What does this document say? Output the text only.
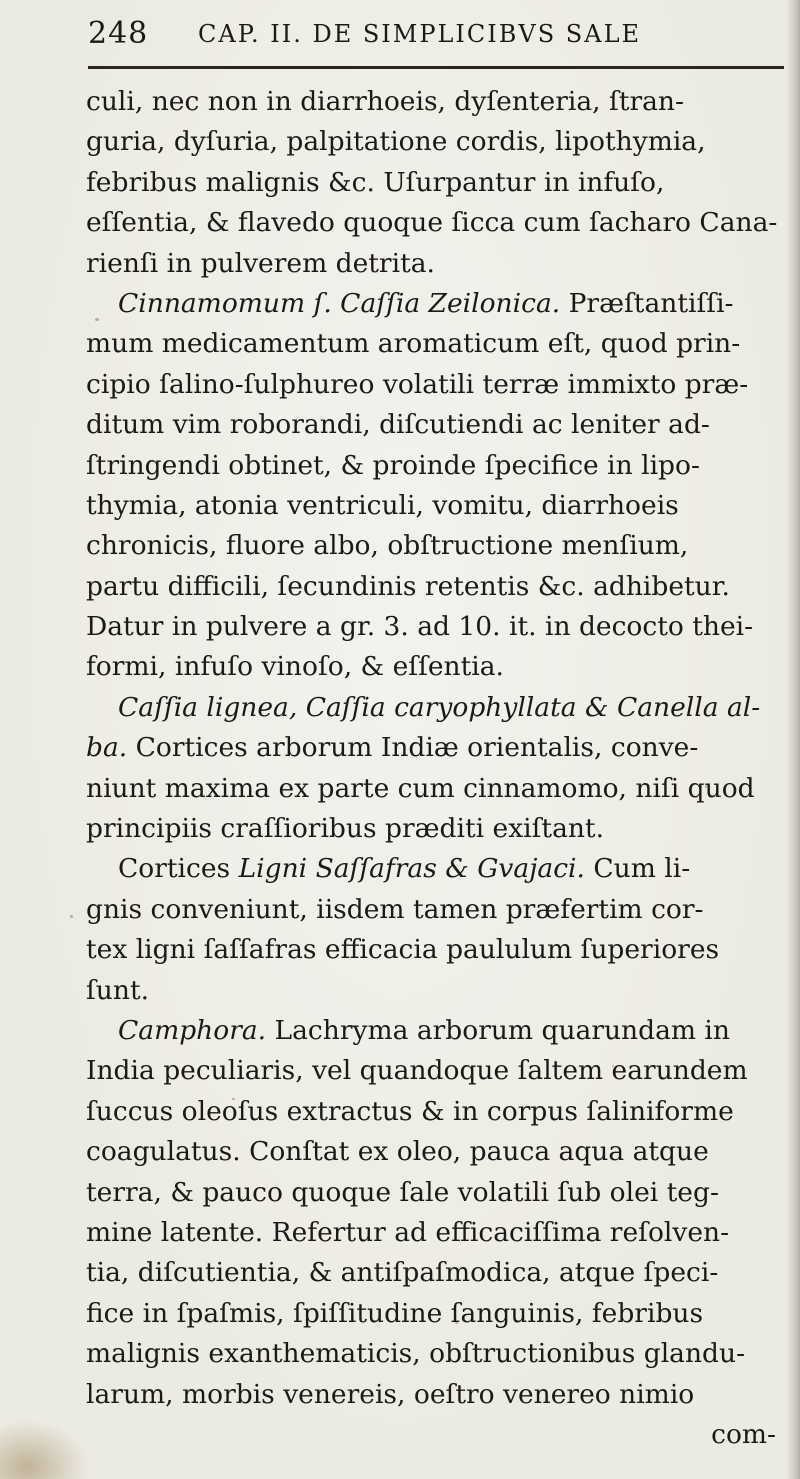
248 CAP. II. DE SIMPLICIBVS SALE
culi, nec non in diarrhoeis, dyſenteria, ſtran-
guria, dyſuria, palpitatione cordis, lipothymia,
febribus malignis &c. Uſurpantur in infuſo,
eſſentia, & flavedo quoque ſicca cum ſacharo Cana-
rienſi in pulverem detrita.
Cinnamomum ſ. Caſſia Zeilonica. Præſtantiſſi-
mum medicamentum aromaticum eſt, quod prin-
cipio ſalino-ſulphureo volatili terræ immixto præ-
ditum vim roborandi, diſcutiendi ac leniter ad-
ſtringendi obtinet, & proinde ſpecifice in lipo-
thymia, atonia ventriculi, vomitu, diarrhoeis
chronicis, fluore albo, obſtructione menſium,
partu difficili, ſecundinis retentis &c. adhibetur.
Datur in pulvere a gr. 3. ad 10. it. in decocto thei-
formi, infuſo vinoſo, & eſſentia.
Caſſia lignea, Caſſia caryophyllata & Canella al-
ba. Cortices arborum Indiæ orientalis, conve-
niunt maxima ex parte cum cinnamomo, niſi quod
principiis craſſioribus præditi exiſtant.
Cortices Ligni Saſſafras & Gvajaci. Cum li-
gnis conveniunt, iisdem tamen præfertim cor-
tex ligni ſaſſafras efficacia paululum ſuperiores
ſunt.
Camphora. Lachryma arborum quarundam in
India peculiaris, vel quandoque ſaltem earundem
ſuccus oleoſus extractus & in corpus ſaliniforme
coagulatus. Conſtat ex oleo, pauca aqua atque
terra, & pauco quoque ſale volatili ſub olei teg-
mine latente. Refertur ad efficaciſſima reſolven-
tia, diſcutientia, & antiſpaſmodica, atque ſpeci-
fice in ſpaſmis, ſpiſſitudine ſanguinis, febribus
malignis exanthematicis, obſtructionibus glandu-
larum, morbis venereis, oeſtro venereo nimio
com-
